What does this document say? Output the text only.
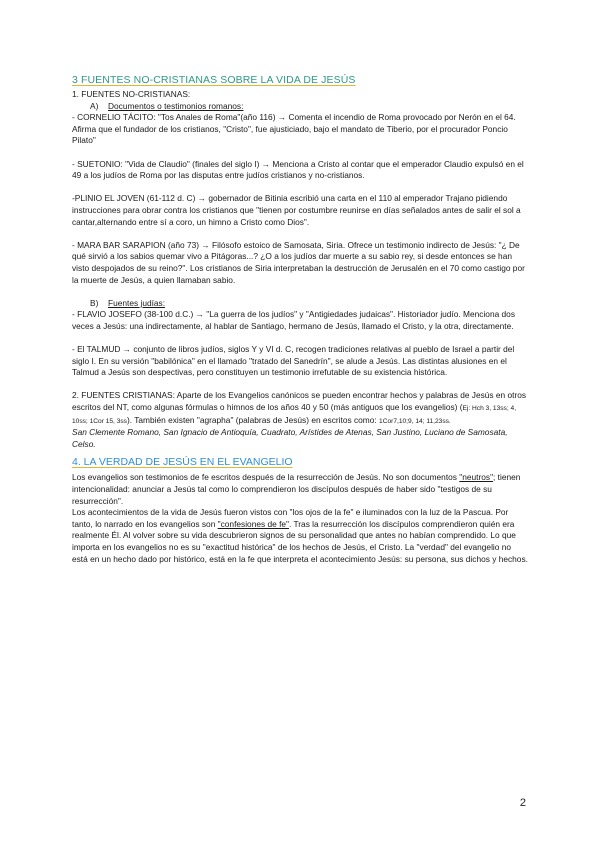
3 FUENTES NO-CRISTIANAS SOBRE LA VIDA DE JESÚS

1. FUENTES NO-CRISTIANAS:

A) Documentos o testimonios romanos:

- CORNELIO TÁCITO: "Tos Anales de Roma"(año 116) → Comenta el incendio de Roma provocado por Nerón en el 64. Afirma que el fundador de los cristianos, "Cristo", fue ajusticiado, bajo el mandato de Tiberio, por el procurador Poncio Pilato"

- SUETONIO: "Vida de Claudio" (finales del siglo I) → Menciona a Cristo al contar que el emperador Claudio expulsó en el 49 a los judíos de Roma por las disputas entre judíos cristianos y no-cristianos.

-PLINIO EL JOVEN (61-112 d. C) → gobernador de Bitinia escribió una carta en el 110 al emperador Trajano pidiendo instrucciones para obrar contra los cristianos que "tienen por costumbre reunirse en días señalados antes de salir el sol a cantar,alternando entre sí a coro, un himno a Cristo como Dios".

- MARA BAR SARAPION (año 73) → Filósofo estoico de Samosata, Siria. Ofrece un testimonio indirecto de Jesús: "¿ De qué sirvió a los sabios quemar vivo a Pitágoras...? ¿O a los judíos dar muerte a su sabio rey, si desde entonces se han visto despojados de su reino?". Los cristianos de Siria interpretaban la destrucción de Jerusalén en el 70 como castigo por la muerte de Jesús, a quien llamaban sabio.

B) Fuentes judías:

- FLAVIO JOSEFO (38-100 d.C.) → "La guerra de los judíos" y "Antigiedades judaicas". Historiador judío. Menciona dos veces a Jesús: una indirectamente, al hablar de Santiago, hermano de Jesús, llamado el Cristo, y la otra, directamente.

- El TALMUD → conjunto de libros judíos, siglos Y y VI d. C, recogen tradiciones relativas al pueblo de Israel a partir del siglo I. En su versión "babilónica" en el llamado "tratado del Sanedrín", se alude a Jesús. Las distintas alusiones en el Talmud a Jesús son despectivas, pero constituyen un testimonio irrefutable de su existencia histórica.

2. FUENTES CRISTIANAS: Aparte de los Evangelios canónicos se pueden encontrar hechos y palabras de Jesús en otros escritos del NT, como algunas fórmulas o himnos de los años 40 y 50 (más antiguos que los evangelios) (Ej: Hch 3, 13ss; 4, 10ss; 1Cor 15, 3ss). También existen "agrapha" (palabras de Jesús) en escritos como: 1Cor7,10;9, 14; 11,23ss.

San Clemente Romano, San Ignacio de Antioquía, Cuadrato, Arístides de Atenas, San Justino, Luciano de Samosata, Celso.

4. LA VERDAD DE JESÚS EN EL EVANGELIO

Los evangelios son testimonios de fe escritos después de la resurrección de Jesús. No son documentos "neutros"; tienen intencionalidad: anunciar a Jesús tal como lo comprendieron los discípulos después de haber sido "testigos de su resurrección".

Los acontecimientos de la vida de Jesús fueron vistos con "los ojos de la fe" e iluminados con la luz de la Pascua. Por tanto, lo narrado en los evangelios son "confesiones de fe". Tras la resurrección los discípulos comprendieron quién era realmente Él. Al volver sobre su vida descubrieron signos de su personalidad que antes no habían comprendido. Lo que importa en los evangelios no es su "exactitud histórica" de los hechos de Jesús, el Cristo. La "verdad" del evangelio no está en un hecho dado por histórico, está en la fe que interpreta el acontecimiento Jesús: su persona, sus dichos y hechos.

2
